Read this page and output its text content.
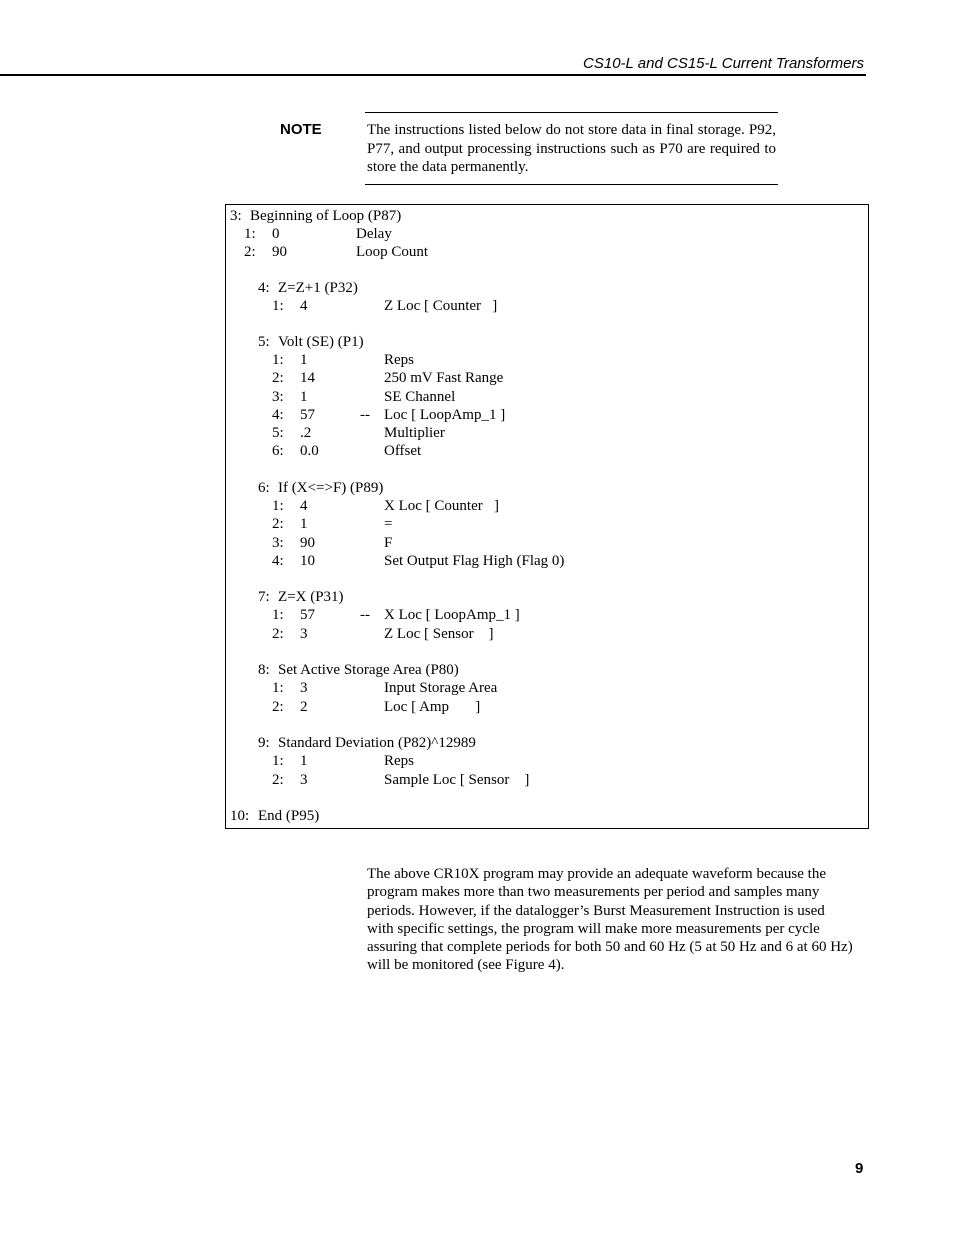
CS10-L and CS15-L Current Transformers
NOTE	The instructions listed below do not store data in final storage. P92, P77, and output processing instructions such as P70 are required to store the data permanently.

3: Beginning of Loop (P87)
1: 0	Delay
2: 90	Loop Count
4: Z=Z+1 (P32)
1: 4	Z Loc [ Counter   ]
5: Volt (SE) (P1)
1: 1	Reps
2: 14	250 mV Fast Range
3: 1	SE Channel
4: 57	-- Loc [ LoopAmp_1 ]
5: .2	Multiplier
6: 0.0	Offset
6: If (X<=>F) (P89)
1: 4	X Loc [ Counter   ]
2: 1	=
3: 90	F
4: 10	Set Output Flag High (Flag 0)
7: Z=X (P31)
1: 57	-- X Loc [ LoopAmp_1 ]
2: 3	Z Loc [ Sensor    ]
8: Set Active Storage Area (P80)
1: 3	Input Storage Area
2: 2	Loc [ Amp       ]
9: Standard Deviation (P82)^12989
1: 1	Reps
2: 3	Sample Loc [ Sensor    ]
10: End (P95)

The above CR10X program may provide an adequate waveform because the program makes more than two measurements per period and samples many periods. However, if the datalogger’s Burst Measurement Instruction is used with specific settings, the program will make more measurements per cycle assuring that complete periods for both 50 and 60 Hz (5 at 50 Hz and 6 at 60 Hz) will be monitored (see Figure 4).

9
